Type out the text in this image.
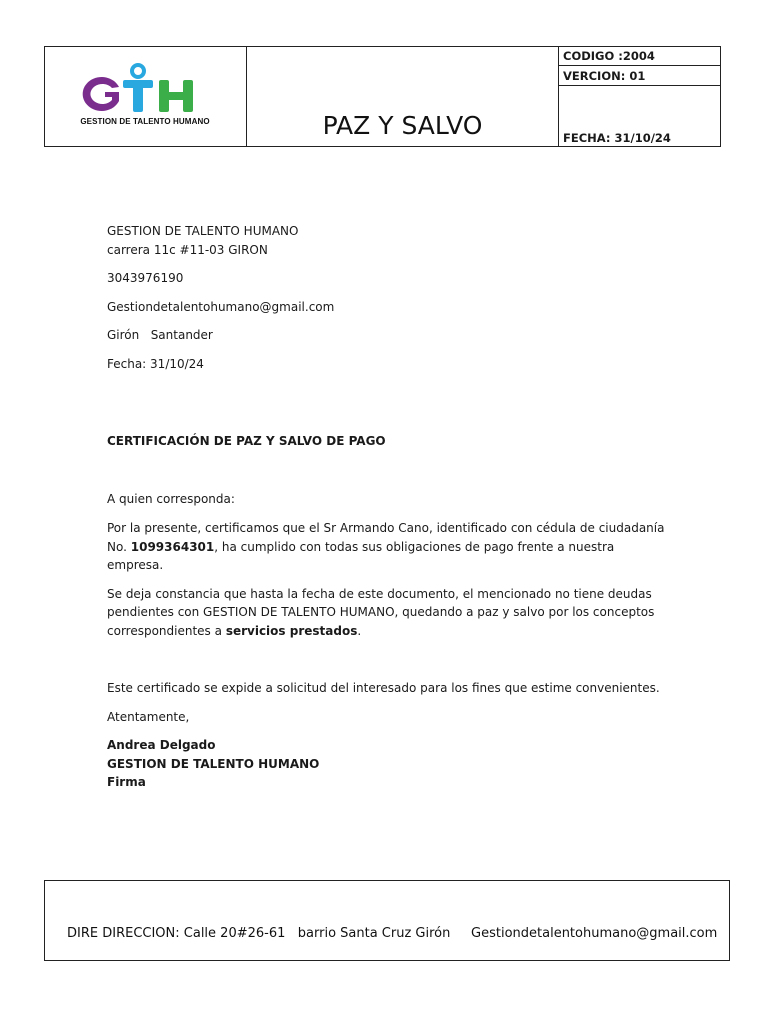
GESTION DE TALENTO HUMANO	PAZ Y SALVO
CODIGO :2004
VERCION: 01
FECHA: 31/10/24

GESTION DE TALENTO HUMANO

carrera 11c #11-03 GIRON

3043976190

Gestiondetalentohumano@gmail.com

Girón   Santander

Fecha: 31/10/24

CERTIFICACIÓN DE PAZ Y SALVO DE PAGO

A quien corresponda:

Por la presente, certificamos que el Sr Armando Cano, identificado con cédula de ciudadanía No. 1099364301, ha cumplido con todas sus obligaciones de pago frente a nuestra empresa.

Se deja constancia que hasta la fecha de este documento, el mencionado no tiene deudas pendientes con GESTION DE TALENTO HUMANO, quedando a paz y salvo por los conceptos correspondientes a servicios prestados.

Este certificado se expide a solicitud del interesado para los fines que estime convenientes.

Atentamente,

Andrea Delgado

GESTION DE TALENTO HUMANO

Firma

DIRE DIRECCION: Calle 20#26-61   barrio Santa Cruz Girón     Gestiondetalentohumano@gmail.com
